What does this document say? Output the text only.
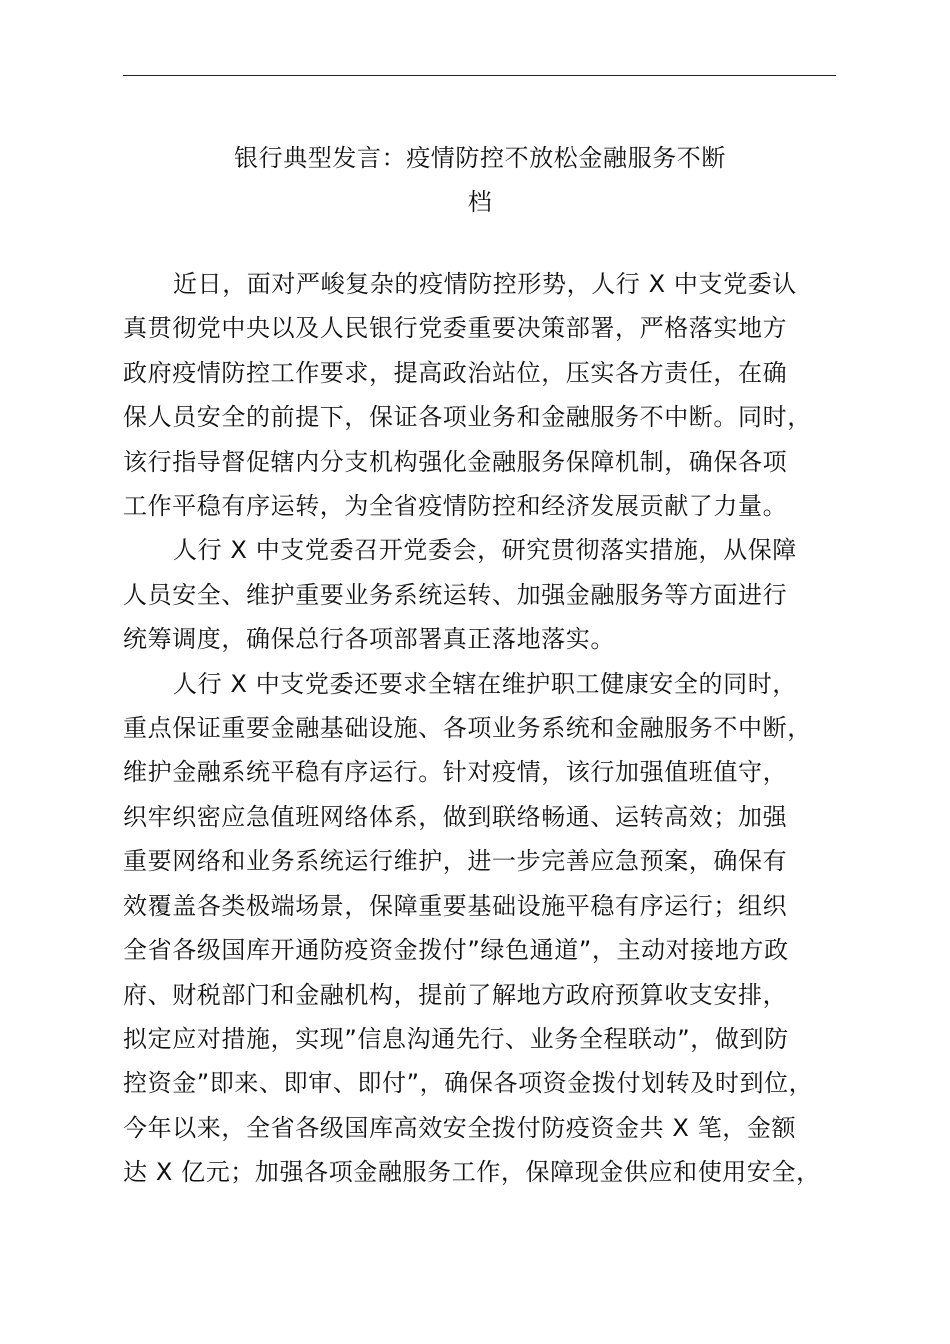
银行典型发言：疫情防控不放松金融服务不断
档

近日，面对严峻复杂的疫情防控形势，人行 X 中支党委认
真贯彻党中央以及人民银行党委重要决策部署，严格落实地方
政府疫情防控工作要求，提高政治站位，压实各方责任，在确
保人员安全的前提下，保证各项业务和金融服务不中断。同时，
该行指导督促辖内分支机构强化金融服务保障机制，确保各项
工作平稳有序运转，为全省疫情防控和经济发展贡献了力量。

人行 X 中支党委召开党委会，研究贯彻落实措施，从保障
人员安全、维护重要业务系统运转、加强金融服务等方面进行
统筹调度，确保总行各项部署真正落地落实。

人行 X 中支党委还要求全辖在维护职工健康安全的同时，
重点保证重要金融基础设施、各项业务系统和金融服务不中断，
维护金融系统平稳有序运行。针对疫情，该行加强值班值守，
织牢织密应急值班网络体系，做到联络畅通、运转高效；加强
重要网络和业务系统运行维护，进一步完善应急预案，确保有
效覆盖各类极端场景，保障重要基础设施平稳有序运行；组织
全省各级国库开通防疫资金拨付”绿色通道”，主动对接地方政
府、财税部门和金融机构，提前了解地方政府预算收支安排，
拟定应对措施，实现”信息沟通先行、业务全程联动”，做到防
控资金”即来、即审、即付”，确保各项资金拨付划转及时到位，
今年以来，全省各级国库高效安全拨付防疫资金共 X 笔，金额
达 X 亿元；加强各项金融服务工作，保障现金供应和使用安全，
